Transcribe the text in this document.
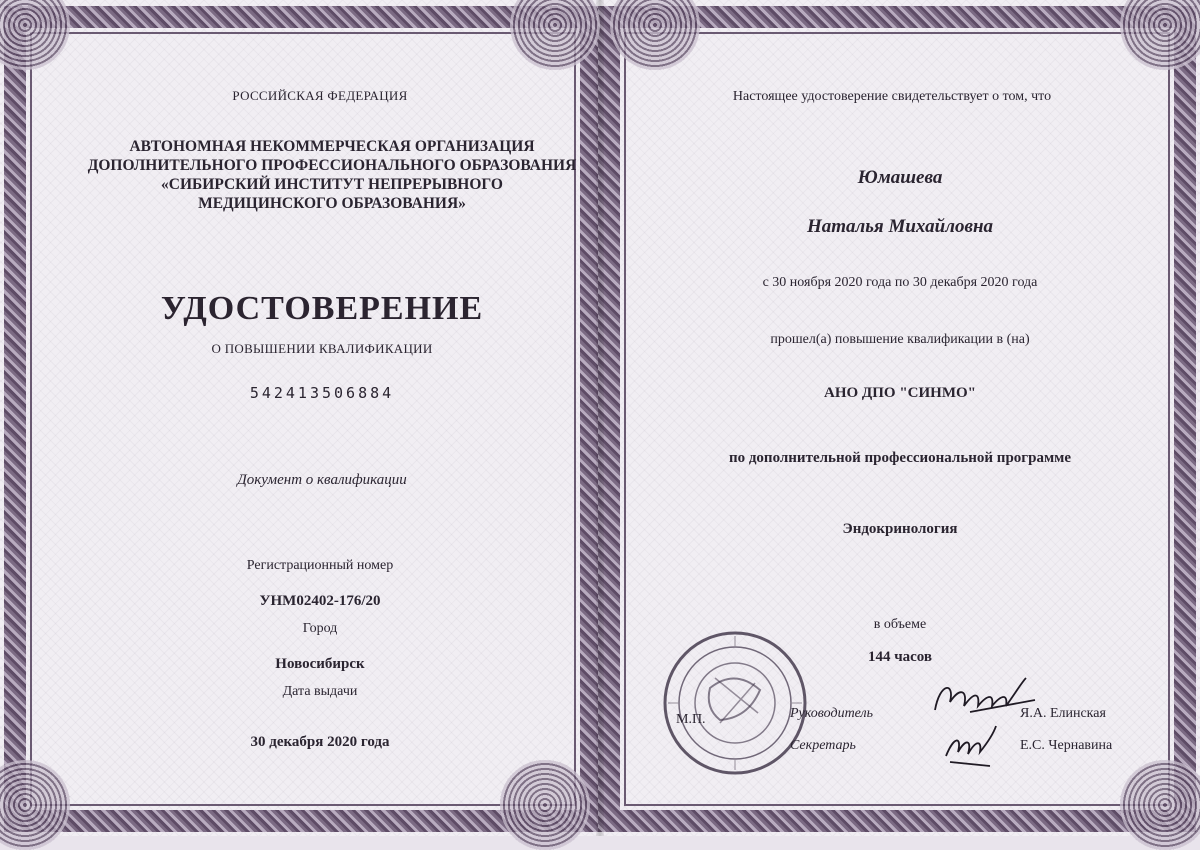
РОССИЙСКАЯ ФЕДЕРАЦИЯ
АВТОНОМНАЯ НЕКОММЕРЧЕСКАЯ ОРГАНИЗАЦИЯ
ДОПОЛНИТЕЛЬНОГО ПРОФЕССИОНАЛЬНОГО ОБРАЗОВАНИЯ
«СИБИРСКИЙ ИНСТИТУТ НЕПРЕРЫВНОГО
МЕДИЦИНСКОГО ОБРАЗОВАНИЯ»
УДОСТОВЕРЕНИЕ
О ПОВЫШЕНИИ КВАЛИФИКАЦИИ
542413506884
Документ о квалификации
Регистрационный номер
УНМ02402-176/20
Город
Новосибирск
Дата выдачи
30 декабря 2020 года
Настоящее удостоверение свидетельствует о том, что
Юмашева
Наталья Михайловна
с 30 ноября 2020 года по 30 декабря 2020 года
прошел(а) повышение квалификации в (на)
АНО ДПО "СИНМО"
по дополнительной профессиональной программе
Эндокринология
в объеме
144 часов
М.П.	Руководитель	Я.А. Елинская
Секретарь	Е.С. Чернавина
